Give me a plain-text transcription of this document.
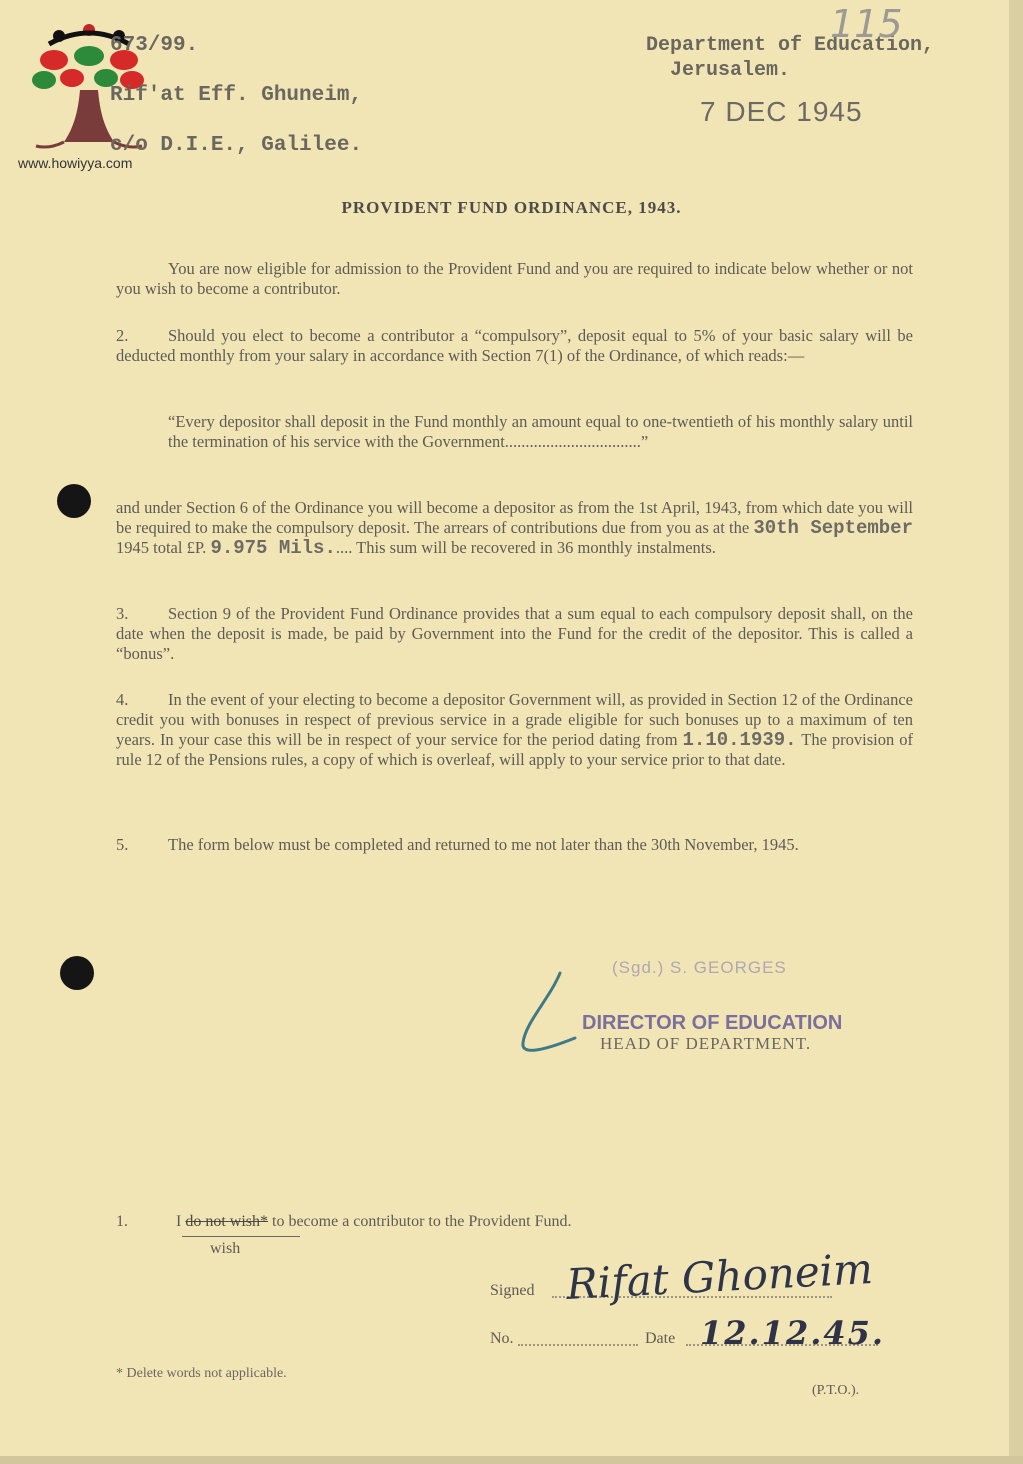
www.howiyya.com
673/99.
Rif'at Eff. Ghuneim,
c/o D.I.E., Galilee.
Department of Education,
Jerusalem.
7 DEC 1945
115
PROVIDENT FUND ORDINANCE, 1943.
You are now eligible for admission to the Provident Fund and you are required to indicate below whether or not you wish to become a contributor.
2. Should you elect to become a contributor a “compulsory”, deposit equal to 5% of your basic salary will be deducted monthly from your salary in accordance with Section 7(1) of the Ordinance, of which reads:—
“Every depositor shall deposit in the Fund monthly an amount equal to one-twentieth of his monthly salary until the termination of his service with the Government.................................”
and under Section 6 of the Ordinance you will become a depositor as from the 1st April, 1943, from which date you will be required to make the compulsory deposit. The arrears of contributions due from you as at the 30th September 1945 total £P. 9.975 Mils..... This sum will be recovered in 36 monthly instalments.
3. Section 9 of the Provident Fund Ordinance provides that a sum equal to each compulsory deposit shall, on the date when the deposit is made, be paid by Government into the Fund for the credit of the depositor. This is called a “bonus”.
4. In the event of your electing to become a depositor Government will, as provided in Section 12 of the Ordinance credit you with bonuses in respect of previous service in a grade eligible for such bonuses up to a maximum of ten years. In your case this will be in respect of your service for the period dating from 1.10.1939. The provision of rule 12 of the Pensions rules, a copy of which is overleaf, will apply to your service prior to that date.
5. The form below must be completed and returned to me not later than the 30th November, 1945.
(Sgd.) S. GEORGES
DIRECTOR OF EDUCATION
HEAD OF DEPARTMENT.
1.	I do not wish* to become a contributor to the Provident Fund.
wish
Signed Rifat Ghoneim
No.	Date 12.12.45.
* Delete words not applicable.
(P.T.O.).
